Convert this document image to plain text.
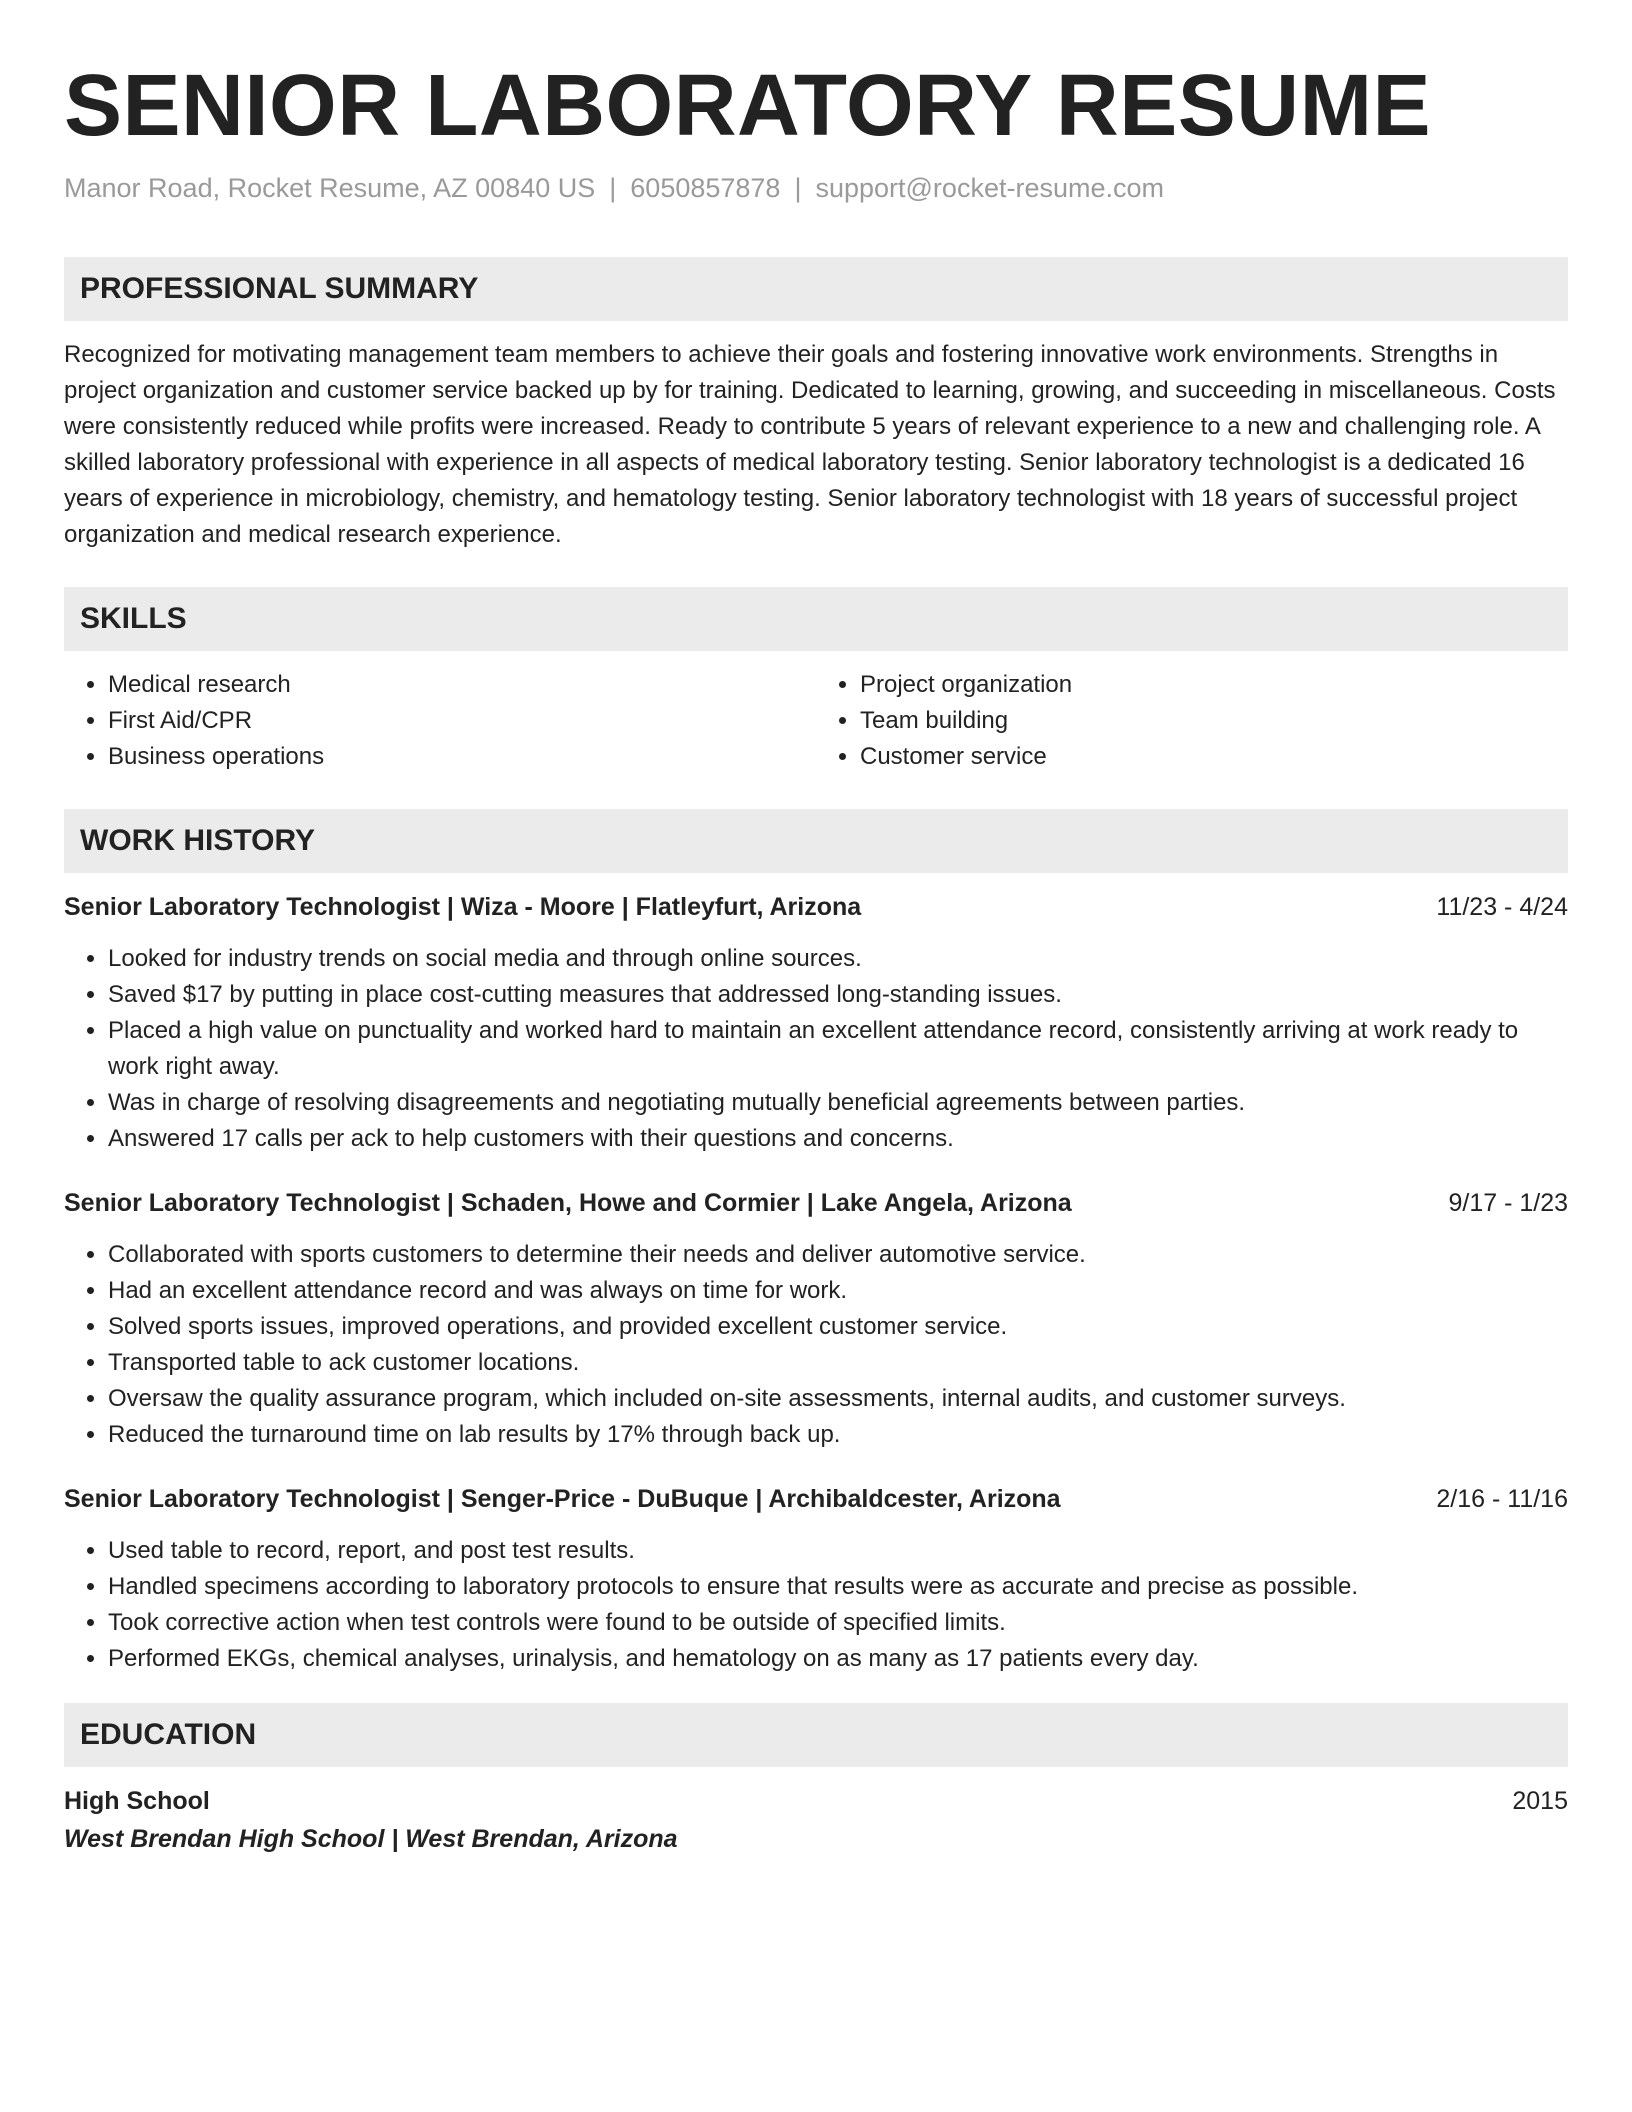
SENIOR LABORATORY RESUME
Manor Road, Rocket Resume, AZ 00840 US | 6050857878 | support@rocket-resume.com
PROFESSIONAL SUMMARY

Recognized for motivating management team members to achieve their goals and fostering innovative work environments. Strengths in project organization and customer service backed up by for training. Dedicated to learning, growing, and succeeding in miscellaneous. Costs were consistently reduced while profits were increased. Ready to contribute 5 years of relevant experience to a new and challenging role. A skilled laboratory professional with experience in all aspects of medical laboratory testing. Senior laboratory technologist is a dedicated 16 years of experience in microbiology, chemistry, and hematology testing. Senior laboratory technologist with 18 years of successful project organization and medical research experience.

SKILLS
• Medical research
• First Aid/CPR
• Business operations
• Project organization
• Team building
• Customer service
WORK HISTORY
Senior Laboratory Technologist | Wiza - Moore | Flatleyfurt, Arizona	11/23 - 4/24
• Looked for industry trends on social media and through online sources.
• Saved $17 by putting in place cost-cutting measures that addressed long-standing issues.
• Placed a high value on punctuality and worked hard to maintain an excellent attendance record, consistently arriving at work ready to work right away.
• Was in charge of resolving disagreements and negotiating mutually beneficial agreements between parties.
• Answered 17 calls per ack to help customers with their questions and concerns.
Senior Laboratory Technologist | Schaden, Howe and Cormier | Lake Angela, Arizona	9/17 - 1/23
• Collaborated with sports customers to determine their needs and deliver automotive service.
• Had an excellent attendance record and was always on time for work.
• Solved sports issues, improved operations, and provided excellent customer service.
• Transported table to ack customer locations.
• Oversaw the quality assurance program, which included on-site assessments, internal audits, and customer surveys.
• Reduced the turnaround time on lab results by 17% through back up.
Senior Laboratory Technologist | Senger-Price - DuBuque | Archibaldcester, Arizona	2/16 - 11/16
• Used table to record, report, and post test results.
• Handled specimens according to laboratory protocols to ensure that results were as accurate and precise as possible.
• Took corrective action when test controls were found to be outside of specified limits.
• Performed EKGs, chemical analyses, urinalysis, and hematology on as many as 17 patients every day.
EDUCATION
High School	2015
West Brendan High School | West Brendan, Arizona
